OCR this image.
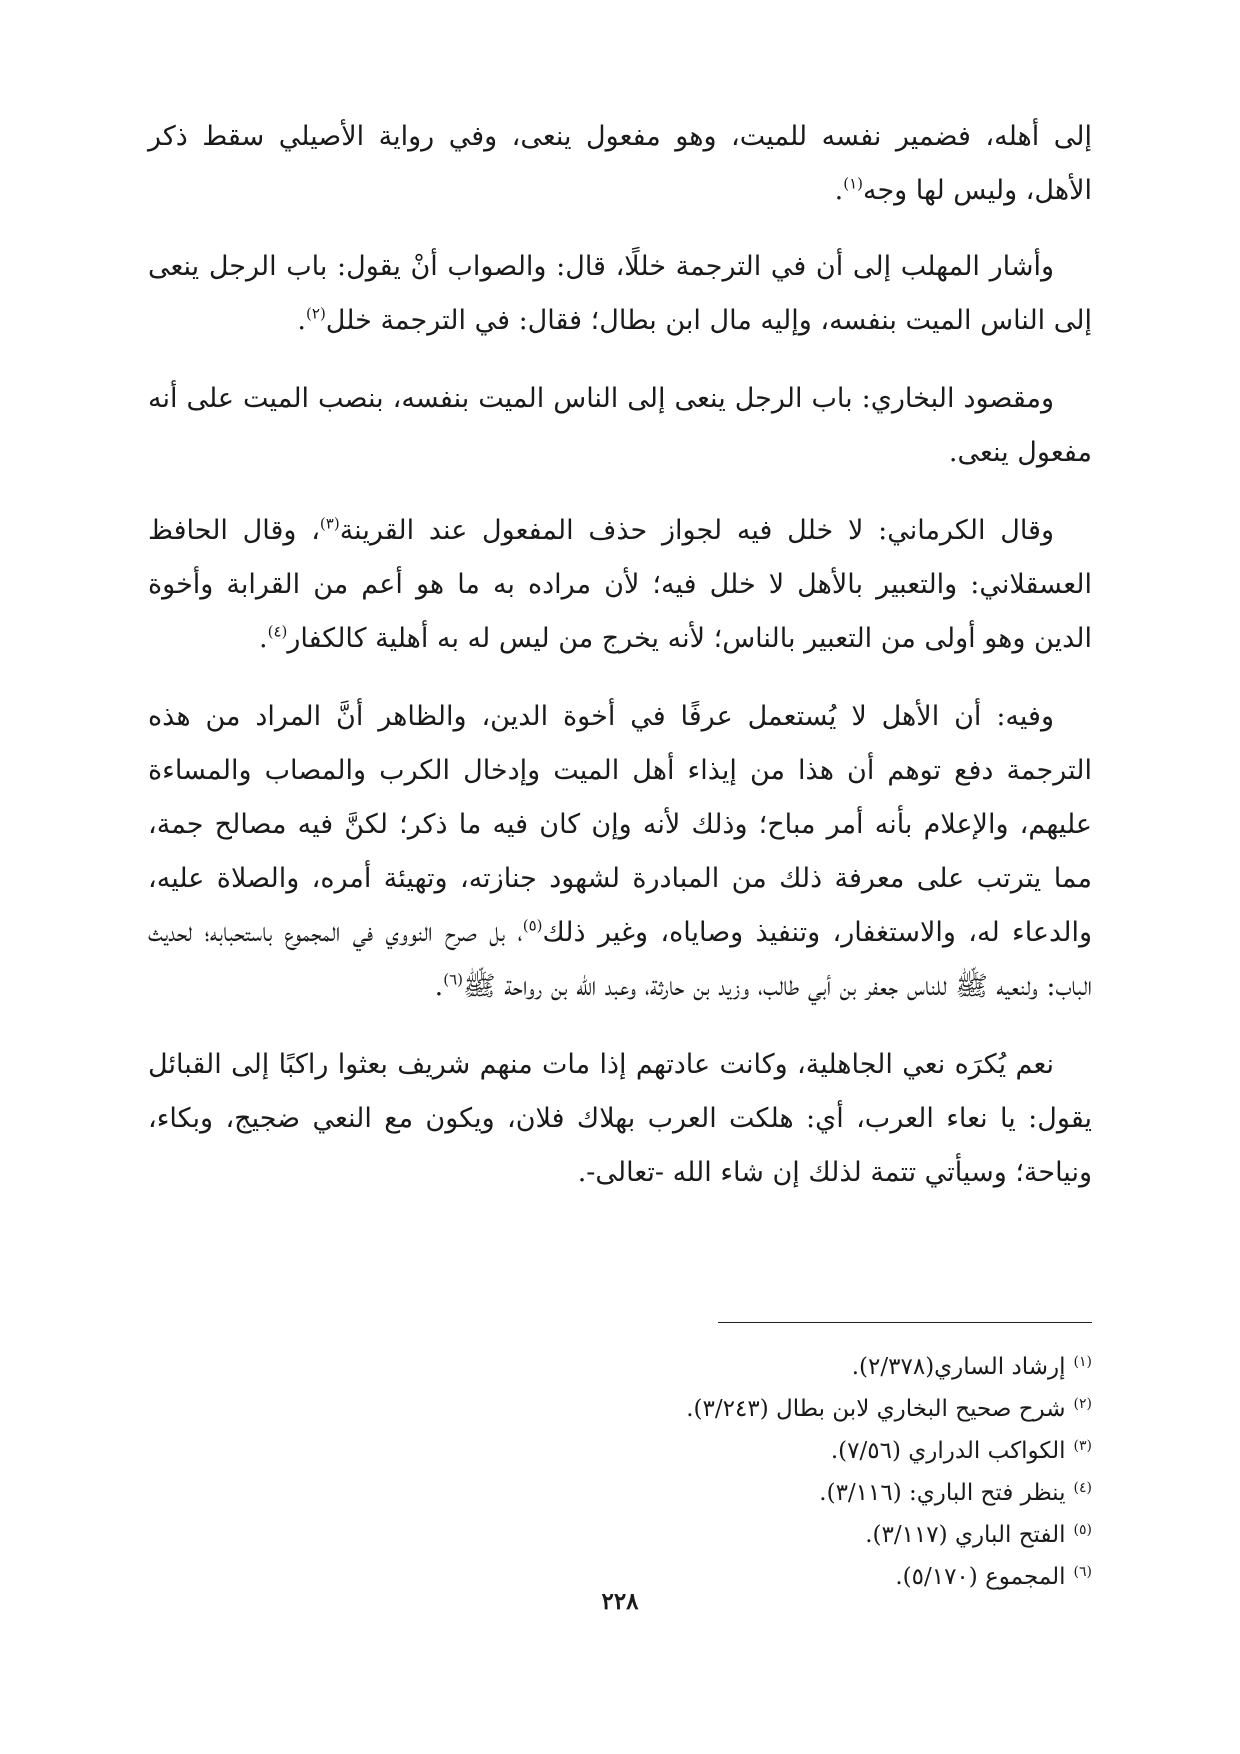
إلى أهله، فضمير نفسه للميت، وهو مفعول ينعى، وفي رواية الأصيلي سقط ذكر الأهل، وليس لها وجه$^{(١)}$.

وأشار المهلب إلى أن في الترجمة خللًا، قال: والصواب أنْ يقول: باب الرجل ينعى إلى الناس الميت بنفسه، وإليه مال ابن بطال؛ فقال: في الترجمة خلل$^{(٢)}$.

ومقصود البخاري: باب الرجل ينعى إلى الناس الميت بنفسه، بنصب الميت على أنه مفعول ينعى.

وقال الكرماني: لا خلل فيه لجواز حذف المفعول عند القرينة$^{(٣)}$، وقال الحافظ العسقلاني: والتعبير بالأهل لا خلل فيه؛ لأن مراده به ما هو أعم من القرابة وأخوة الدين وهو أولى من التعبير بالناس؛ لأنه يخرج من ليس له به أهلية كالكفار$^{(٤)}$.

وفيه: أن الأهل لا يُستعمل عرفًا في أخوة الدين، والظاهر أنَّ المراد من هذه الترجمة دفع توهم أن هذا من إيذاء أهل الميت وإدخال الكرب والمصاب والمساءة عليهم، والإعلام بأنه أمر مباح؛ وذلك لأنه وإن كان فيه ما ذكر؛ لكنَّ فيه مصالح جمة، مما يترتب على معرفة ذلك من المبادرة لشهود جنازته، وتهيئة أمره، والصلاة عليه، والدعاء له، والاستغفار، وتنفيذ وصاياه، وغير ذلك$^{(٥)}$، بل صرح النووي في المجموع باستحبابه؛ لحديث الباب: ولنعيه ﷺ للناس جعفر بن أبي طالب، وزيد بن حارثة، وعبد الله بن رواحة ﷺ$^{(٦)}$.

نعم يُكرَه نعي الجاهلية، وكانت عادتهم إذا مات منهم شريف بعثوا راكبًا إلى القبائل يقول: يا نعاء العرب، أي: هلكت العرب بهلاك فلان، ويكون مع النعي ضجيج، وبكاء، ونياحة؛ وسيأتي تتمة لذلك إن شاء الله -تعالى-.

$^{(١)}$إرشاد الساري(٢/٣٧٨).

$^{(٢)}$شرح صحيح البخاري لابن بطال (٣/٢٤٣).

$^{(٣)}$الكواكب الدراري (٧/٥٦).

$^{(٤)}$ينظر فتح الباري: (٣/١١٦).

$^{(٥)}$الفتح الباري (٣/١١٧).

$^{(٦)}$المجموع (٥/١٧٠).

٢٢٨
